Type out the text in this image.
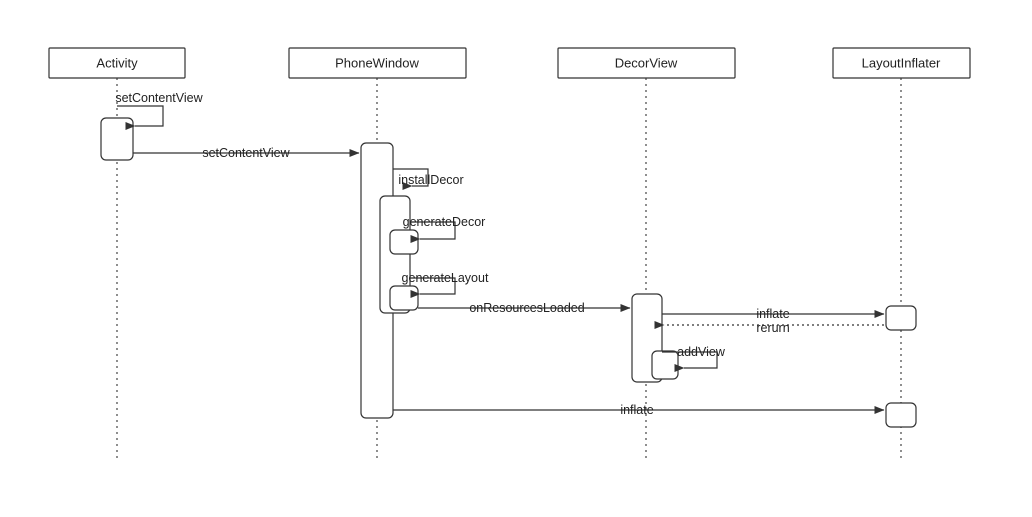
Activity	PhoneWindow	DecorView	LayoutInflater
setContentView
setContentView
installDecor
generateDecor
generateLayout
onResourcesLoaded	inflate
rerurn
addView
inflate
